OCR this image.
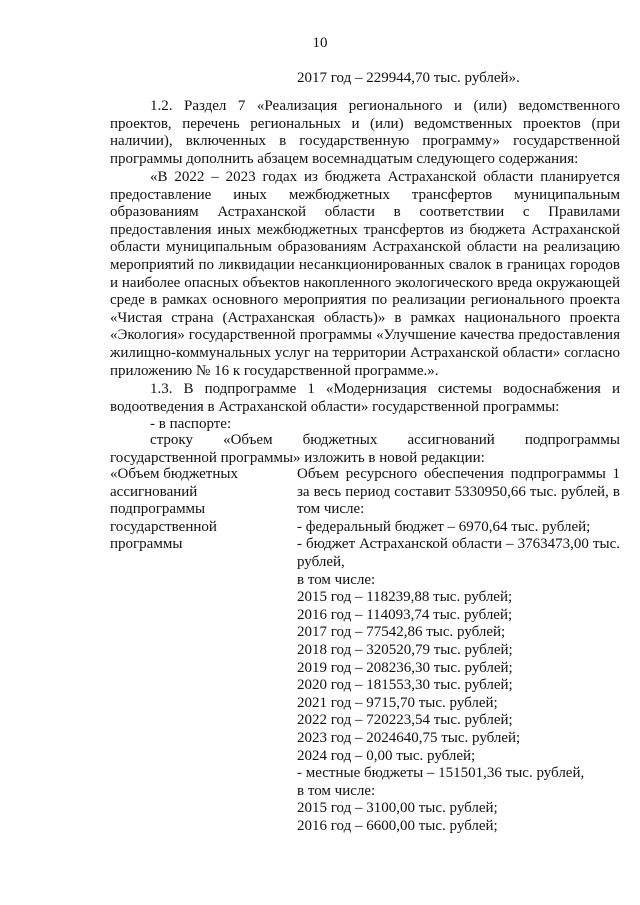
10
2017 год – 229944,70 тыс. рублей».

1.2. Раздел 7 «Реализация регионального и (или) ведомственного проектов, перечень региональных и (или) ведомственных проектов (при наличии), включенных в государственную программу» государственной программы дополнить абзацем восемнадцатым следующего содержания:

«В 2022 – 2023 годах из бюджета Астраханской области планируется предоставление иных межбюджетных трансфертов муниципальным образованиям Астраханской области в соответствии с Правилами предоставления иных межбюджетных трансфертов из бюджета Астраханской области муниципальным образованиям Астраханской области на реализацию мероприятий по ликвидации несанкционированных свалок в границах городов и наиболее опасных объектов накопленного экологического вреда окружающей среде в рамках основного мероприятия по реализации регионального проекта «Чистая страна (Астраханская область)» в рамках национального проекта «Экология» государственной программы «Улучшение качества предоставления жилищно-коммунальных услуг на территории Астраханской области» согласно приложению № 16 к государственной программе.».

1.3. В подпрограмме 1 «Модернизация системы водоснабжения и водоотведения в Астраханской области» государственной программы:

- в паспорте:

строку «Объем бюджетных ассигнований подпрограммы государственной программы» изложить в новой редакции:

«Объем бюджетных ассигнований подпрограммы государственной программы
Объем ресурсного обеспечения подпрограммы 1 за весь период составит 5330950,66 тыс. рублей, в том числе:
- федеральный бюджет – 6970,64 тыс. рублей;
- бюджет Астраханской области – 3763473,00 тыс. рублей,
в том числе:
2015 год – 118239,88 тыс. рублей;
2016 год – 114093,74 тыс. рублей;
2017 год – 77542,86 тыс. рублей;
2018 год – 320520,79 тыс. рублей;
2019 год – 208236,30 тыс. рублей;
2020 год – 181553,30 тыс. рублей;
2021 год – 9715,70 тыс. рублей;
2022 год – 720223,54 тыс. рублей;
2023 год – 2024640,75 тыс. рублей;
2024 год – 0,00 тыс. рублей;
- местные бюджеты – 151501,36 тыс. рублей,
в том числе:
2015 год – 3100,00 тыс. рублей;
2016 год – 6600,00 тыс. рублей;
